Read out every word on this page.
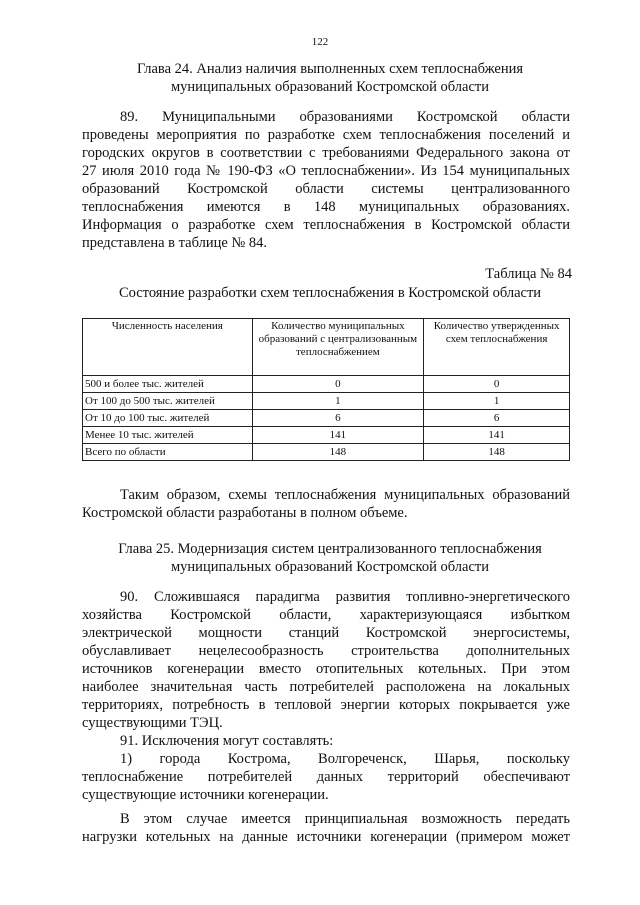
122
Глава 24. Анализ наличия выполненных схем теплоснабжения
муниципальных образований Костромской области
89. Муниципальными образованиями Костромской области
проведены мероприятия по разработке схем теплоснабжения поселений и
городских округов в соответствии с требованиями Федерального закона от
27 июля 2010 года № 190-ФЗ «О теплоснабжении». Из 154 муниципальных
образований Костромской области системы централизованного
теплоснабжения имеются в 148 муниципальных образованиях.
Информация о разработке схем теплоснабжения в Костромской области
представлена в таблице № 84.
Таблица № 84
Состояние разработки схем теплоснабжения в Костромской области
Численность населения	Количество муниципальных образований с централизованным теплоснабжением	Количество утвержденных схем теплоснабжения
500 и более тыс. жителей	0	0
От 100 до 500 тыс. жителей	1	1
От 10 до 100 тыс. жителей	6	6
Менее 10 тыс. жителей	141	141
Всего по области	148	148
Таким образом, схемы теплоснабжения муниципальных образований
Костромской области разработаны в полном объеме.
Глава 25. Модернизация систем централизованного теплоснабжения
муниципальных образований Костромской области
90. Сложившаяся парадигма развития топливно-энергетического
хозяйства Костромской области, характеризующаяся избытком
электрической мощности станций Костромской энергосистемы,
обуславливает нецелесообразность строительства дополнительных
источников когенерации вместо отопительных котельных. При этом
наиболее значительная часть потребителей расположена на локальных
территориях, потребность в тепловой энергии которых покрывается уже
существующими ТЭЦ.
91. Исключения могут составлять:
1) города Кострома, Волгореченск, Шарья, поскольку
теплоснабжение потребителей данных территорий обеспечивают
существующие источники когенерации.
В этом случае имеется принципиальная возможность передать
нагрузки котельных на данные источники когенерации (примером может
